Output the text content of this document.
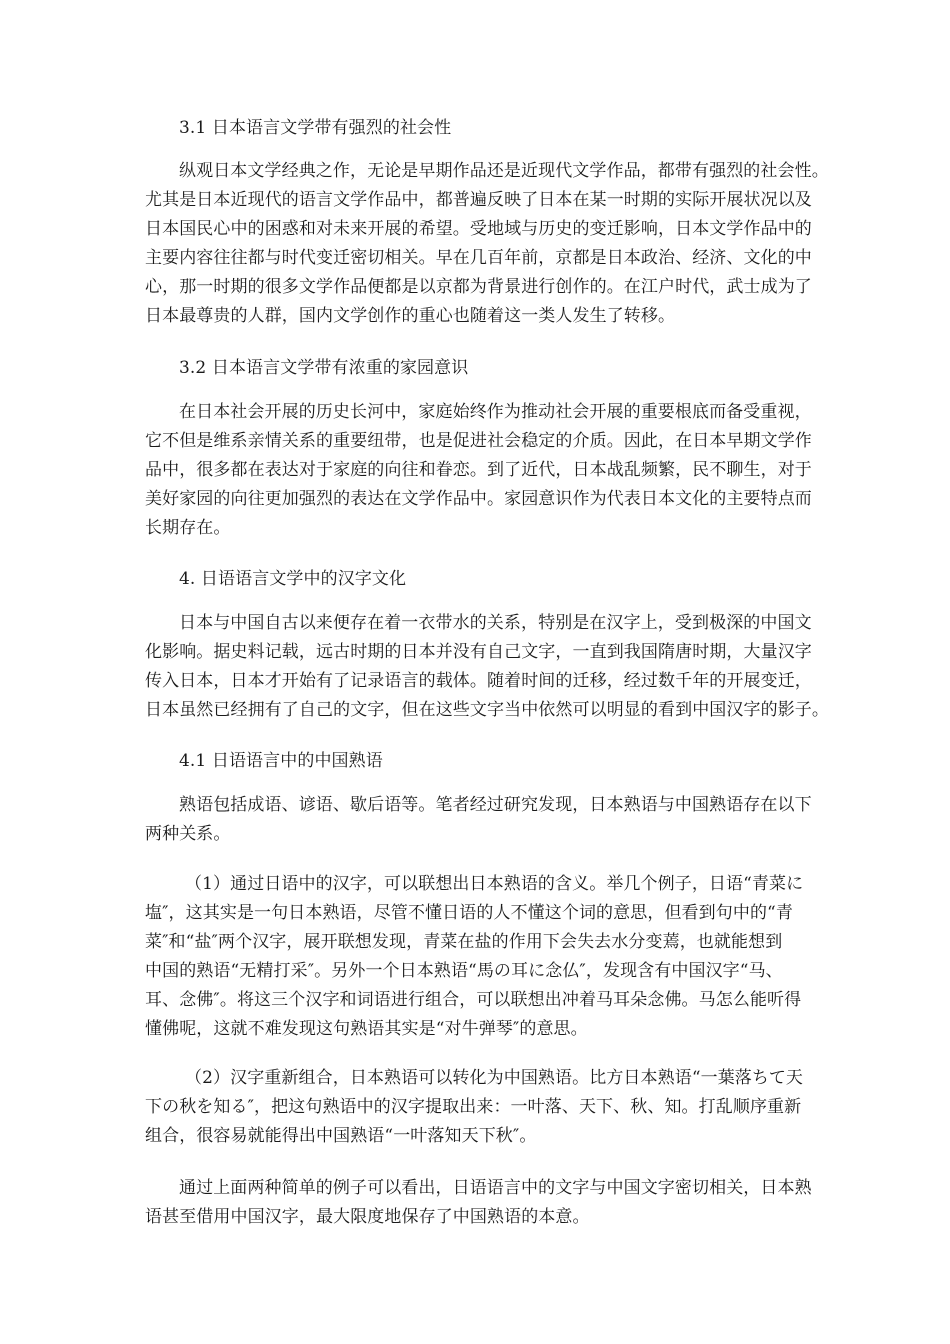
3.1 日本语言文学带有强烈的社会性
纵观日本文学经典之作，无论是早期作品还是近现代文学作品，都带有强烈的社会性。
尤其是日本近现代的语言文学作品中，都普遍反映了日本在某一时期的实际开展状况以及
日本国民心中的困惑和对未来开展的希望。受地域与历史的变迁影响，日本文学作品中的
主要内容往往都与时代变迁密切相关。早在几百年前，京都是日本政治、经济、文化的中
心，那一时期的很多文学作品便都是以京都为背景进行创作的。在江户时代，武士成为了
日本最尊贵的人群，国内文学创作的重心也随着这一类人发生了转移。
3.2 日本语言文学带有浓重的家园意识
在日本社会开展的历史长河中，家庭始终作为推动社会开展的重要根底而备受重视，
它不但是维系亲情关系的重要纽带，也是促进社会稳定的介质。因此，在日本早期文学作
品中，很多都在表达对于家庭的向往和眷恋。到了近代，日本战乱频繁，民不聊生，对于
美好家园的向往更加强烈的表达在文学作品中。家园意识作为代表日本文化的主要特点而
长期存在。
4. 日语语言文学中的汉字文化
日本与中国自古以来便存在着一衣带水的关系，特别是在汉字上，受到极深的中国文
化影响。据史料记载，远古时期的日本并没有自己文字，一直到我国隋唐时期，大量汉字
传入日本，日本才开始有了记录语言的载体。随着时间的迁移，经过数千年的开展变迁，
日本虽然已经拥有了自己的文字，但在这些文字当中依然可以明显的看到中国汉字的影子。
4.1 日语语言中的中国熟语
熟语包括成语、谚语、歇后语等。笔者经过研究发现，日本熟语与中国熟语存在以下
两种关系。
（1）通过日语中的汉字，可以联想出日本熟语的含义。举几个例子，日语“青菜に
塩″，这其实是一句日本熟语，尽管不懂日语的人不懂这个词的意思，但看到句中的“青
菜″和“盐″两个汉字，展开联想发现，青菜在盐的作用下会失去水分变蔫，也就能想到
中国的熟语“无精打采″。另外一个日本熟语“馬の耳に念仏″，发现含有中国汉字“马、
耳、念佛″。将这三个汉字和词语进行组合，可以联想出冲着马耳朵念佛。马怎么能听得
懂佛呢，这就不难发现这句熟语其实是“对牛弹琴″的意思。
（2）汉字重新组合，日本熟语可以转化为中国熟语。比方日本熟语“一葉落ちて天
下の秋を知る″，把这句熟语中的汉字提取出来：一叶落、天下、秋、知。打乱顺序重新
组合，很容易就能得出中国熟语“一叶落知天下秋″。
通过上面两种简单的例子可以看出，日语语言中的文字与中国文字密切相关，日本熟
语甚至借用中国汉字，最大限度地保存了中国熟语的本意。
